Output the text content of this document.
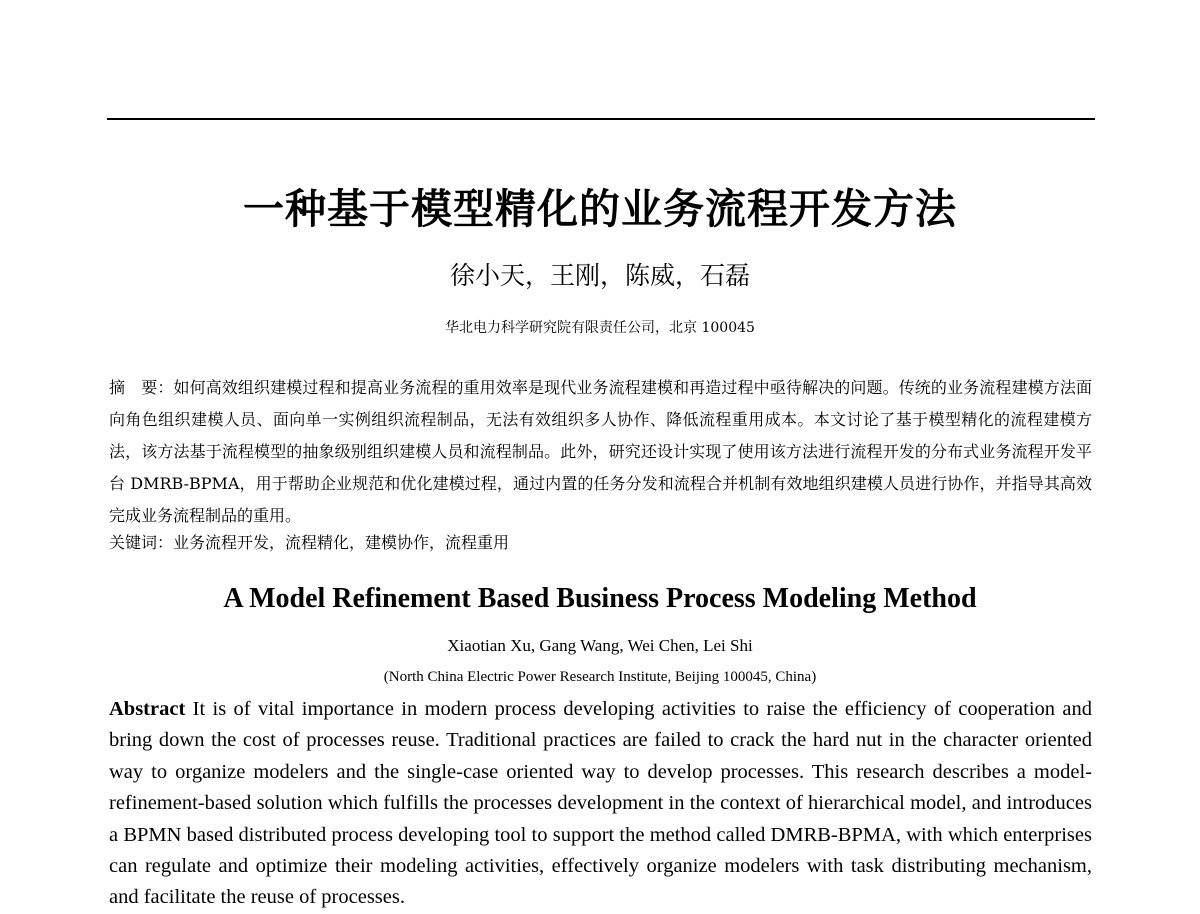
一种基于模型精化的业务流程开发方法
徐小天，王刚，陈威，石磊
华北电力科学研究院有限责任公司，北京 100045
摘　要：如何高效组织建模过程和提高业务流程的重用效率是现代业务流程建模和再造过程中亟待解决的问题。传统的业务流程建模方法面向角色组织建模人员、面向单一实例组织流程制品，无法有效组织多人协作、降低流程重用成本。本文讨论了基于模型精化的流程建模方法，该方法基于流程模型的抽象级别组织建模人员和流程制品。此外，研究还设计实现了使用该方法进行流程开发的分布式业务流程开发平台 DMRB-BPMA，用于帮助企业规范和优化建模过程，通过内置的任务分发和流程合并机制有效地组织建模人员进行协作，并指导其高效完成业务流程制品的重用。
关键词：业务流程开发，流程精化，建模协作，流程重用
A Model Refinement Based Business Process Modeling Method
Xiaotian Xu, Gang Wang, Wei Chen, Lei Shi
(North China Electric Power Research Institute, Beijing 100045, China)
Abstract It is of vital importance in modern process developing activities to raise the efficiency of cooperation and bring down the cost of processes reuse. Traditional practices are failed to crack the hard nut in the character oriented way to organize modelers and the single-case oriented way to develop processes. This research describes a model-refinement-based solution which fulfills the processes development in the context of hierarchical model, and introduces a BPMN based distributed process developing tool to support the method called DMRB-BPMA, with which enterprises can regulate and optimize their modeling activities, effectively organize modelers with task distributing mechanism, and facilitate the reuse of processes.
